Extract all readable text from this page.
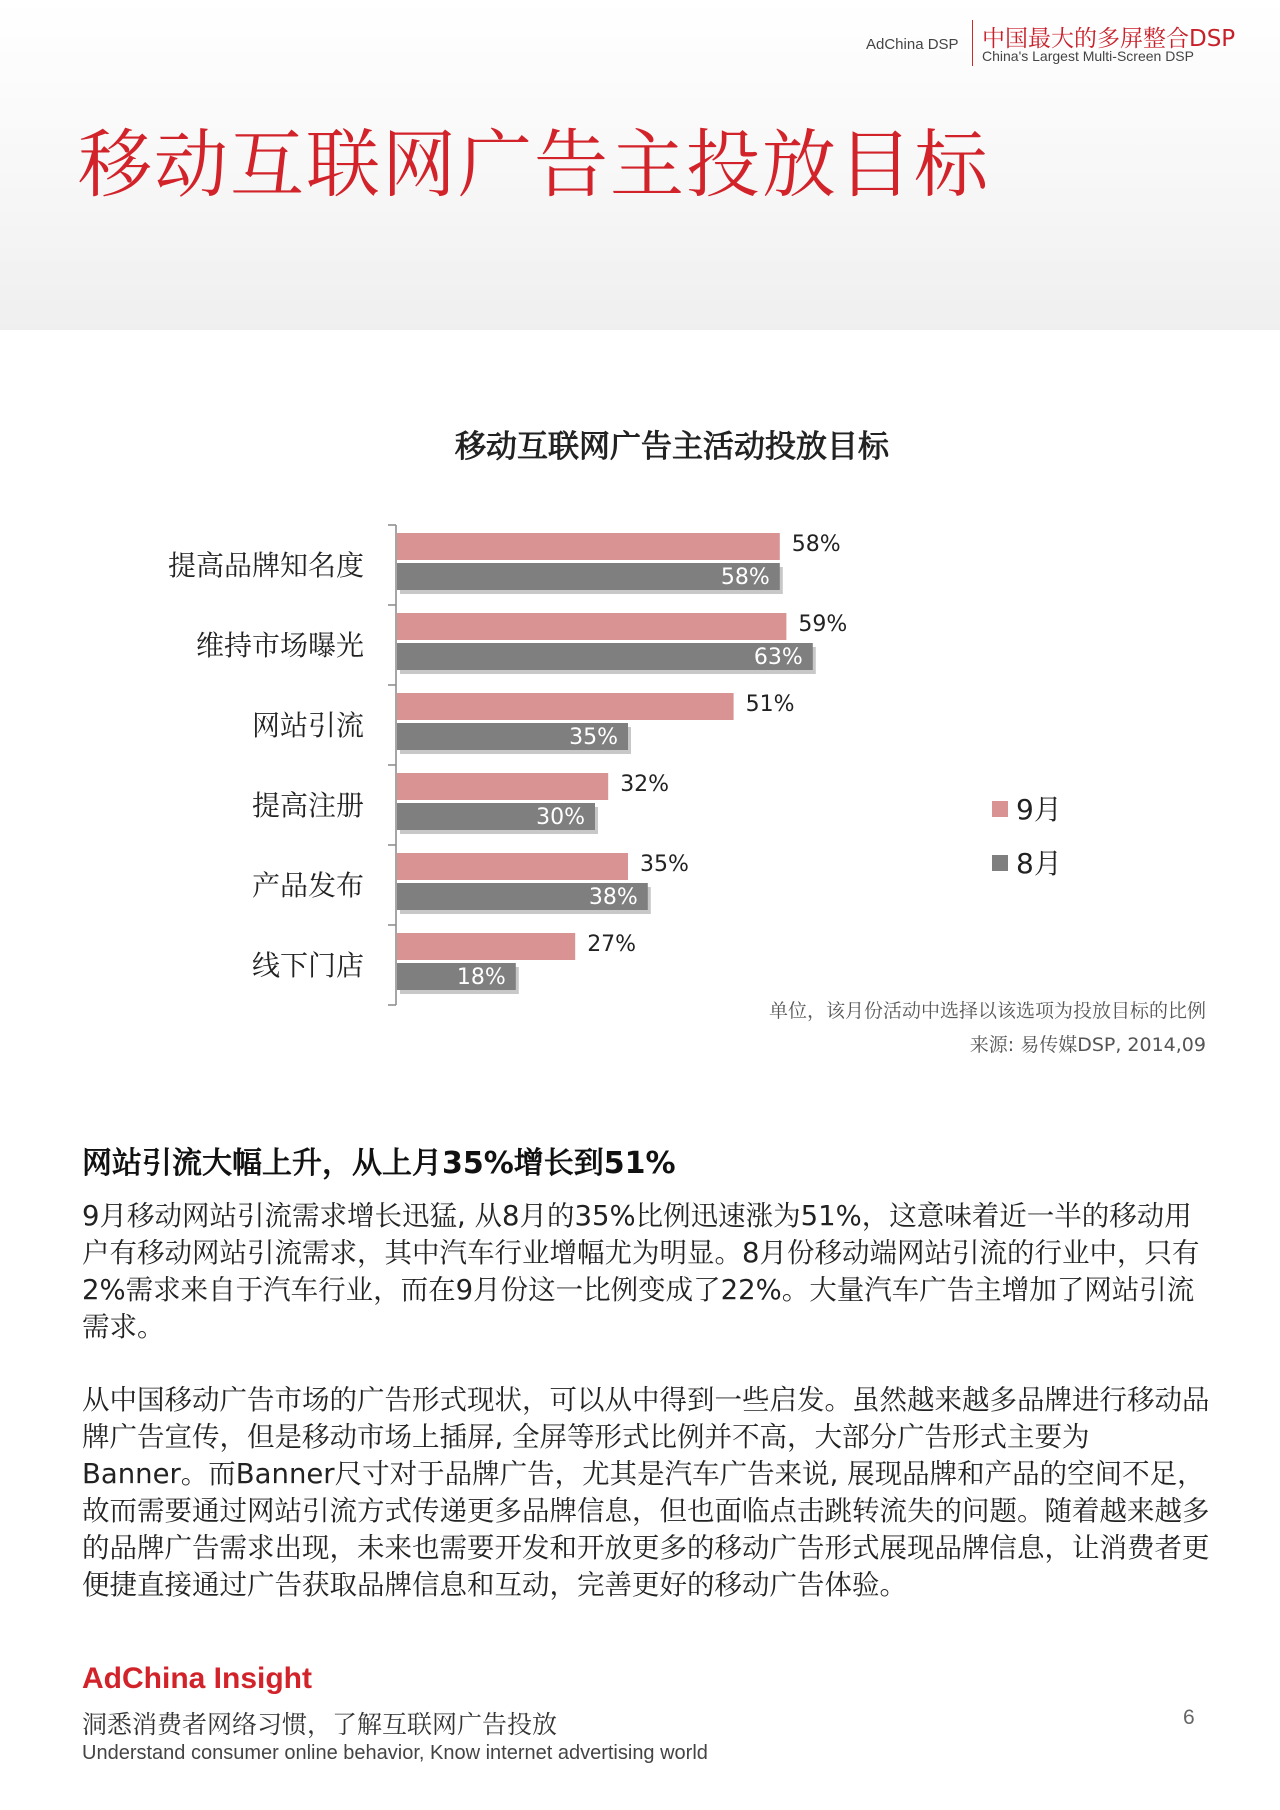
AdChina DSP 中国最大的多屏整合DSP
China's Largest Multi-Screen DSP
移动互联网广告主投放目标
移动互联网广告主活动投放目标
提高品牌知名度
58%
58%
维持市场曝光
59%
63%
网站引流
51%
35%
提高注册
32%
30%
产品发布
35%
38%
线下门店
27%
18%
9月
8月
单位，该月份活动中选择以该选项为投放目标的比例
来源: 易传媒DSP, 2014,09
网站引流大幅上升，从上月35%增长到51%

9月移动网站引流需求增长迅猛, 从8月的35%比例迅速涨为51%，这意味着近一半的移动用户有移动网站引流需求，其中汽车行业增幅尤为明显。8月份移动端网站引流的行业中，只有2%需求来自于汽车行业，而在9月份这一比例变成了22%。大量汽车广告主增加了网站引流需求。

从中国移动广告市场的广告形式现状，可以从中得到一些启发。虽然越来越多品牌进行移动品牌广告宣传，但是移动市场上插屏, 全屏等形式比例并不高，大部分广告形式主要为Banner。而Banner尺寸对于品牌广告，尤其是汽车广告来说, 展现品牌和产品的空间不足，故而需要通过网站引流方式传递更多品牌信息，但也面临点击跳转流失的问题。随着越来越多的品牌广告需求出现，未来也需要开发和开放更多的移动广告形式展现品牌信息，让消费者更便捷直接通过广告获取品牌信息和互动，完善更好的移动广告体验。

AdChina Insight
洞悉消费者网络习惯，了解互联网广告投放
Understand consumer online behavior, Know internet advertising world
6
